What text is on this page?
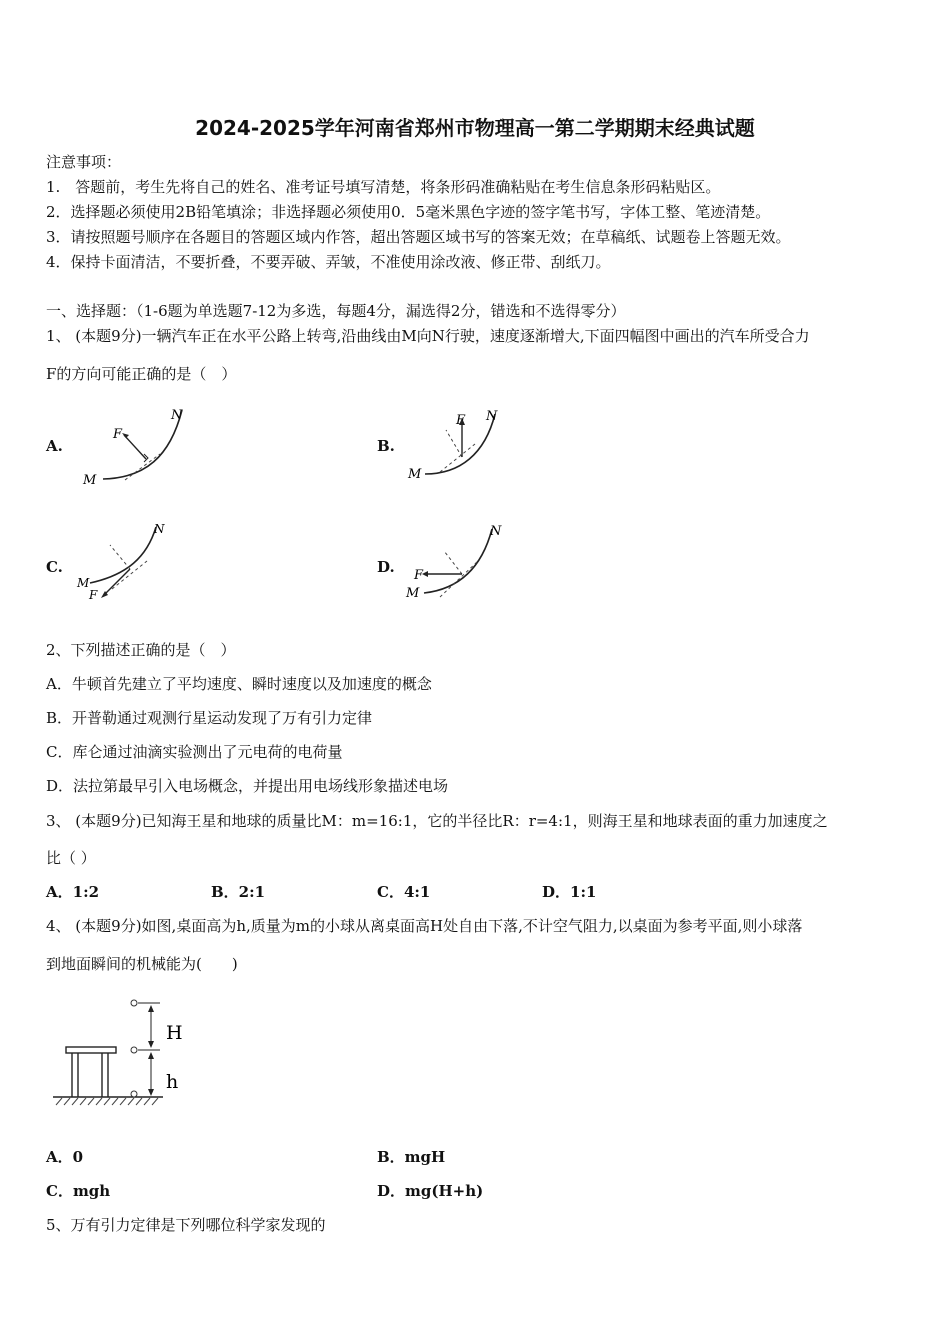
2024-2025学年河南省郑州市物理高一第二学期期末经典试题
注意事项：
1.　答题前，考生先将自己的姓名、准考证号填写清楚，将条形码准确粘贴在考生信息条形码粘贴区。
2．选择题必须使用2B铅笔填涂；非选择题必须使用0．5毫米黑色字迹的签字笔书写，字体工整、笔迹清楚。
3．请按照题号顺序在各题目的答题区域内作答，超出答题区域书写的答案无效；在草稿纸、试题卷上答题无效。
4．保持卡面清洁，不要折叠，不要弄破、弄皱，不准使用涂改液、修正带、刮纸刀。
一、选择题：（1-6题为单选题7-12为多选，每题4分，漏选得2分，错选和不选得零分）
1、 (本题9分)一辆汽车正在水平公路上转弯,沿曲线由M向N行驶，速度逐渐增大,下面四幅图中画出的汽车所受合力
F的方向可能正确的是（　）
A.
F
N
M
B.
F N
M
C.
N
M
F
D.
N
F
M
2、下列描述正确的是（　）
A．牛顿首先建立了平均速度、瞬时速度以及加速度的概念
B．开普勒通过观测行星运动发现了万有引力定律
C．库仑通过油滴实验测出了元电荷的电荷量
D．法拉第最早引入电场概念，并提出用电场线形象描述电场
3、 (本题9分)已知海王星和地球的质量比M：m=16:1，它的半径比R：r=4:1，则海王星和地球表面的重力加速度之
比（ ）
A．1:2	B．2:1	C．4:1	D．1:1
4、 (本题9分)如图,桌面高为h,质量为m的小球从离桌面高H处自由下落,不计空气阻力,以桌面为参考平面,则小球落
到地面瞬间的机械能为(　　)
H
h
A．0	B．mgH
C．mgh	D．mg(H+h)
5、万有引力定律是下列哪位科学家发现的
